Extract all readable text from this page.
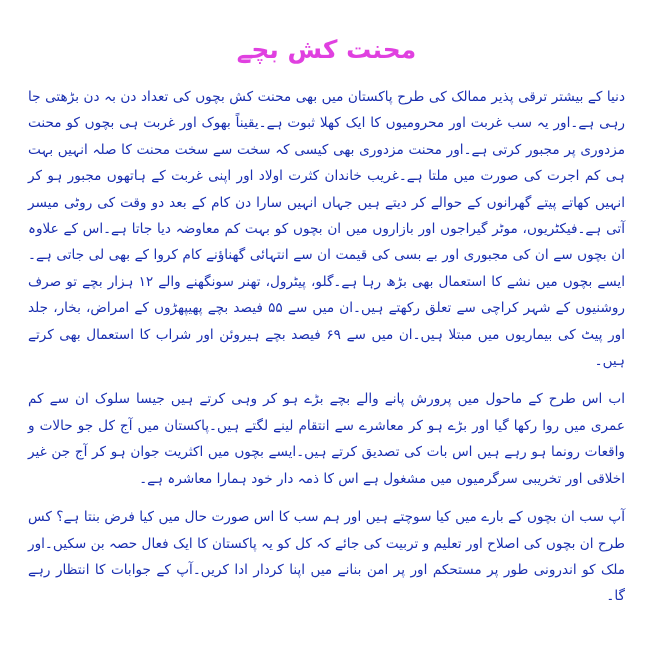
محنت کش بچے

دنیا کے بیشتر ترقی پذیر ممالک کی طرح پاکستان میں بھی محنت کش بچوں کی تعداد دن بہ دن بڑھتی جا رہی ہے۔اور یہ سب غربت اور محرومیوں کا ایک کھلا ثبوت ہے۔یقیناً بھوک اور غربت ہی بچوں کو محنت مزدوری پر مجبور کرتی ہے۔اور محنت مزدوری بھی کیسی کہ سخت سے سخت محنت کا صلہ انہیں بہت ہی کم اجرت کی صورت میں ملتا ہے۔غریب خاندان کثرت اولاد اور اپنی غربت کے ہاتھوں مجبور ہو کر انہیں کھاتے پیتے گھرانوں کے حوالے کر دیتے ہیں جہاں انہیں سارا دن کام کے بعد دو وقت کی روٹی میسر آتی ہے۔فیکٹریوں، موٹر گیراجوں اور بازاروں میں ان بچوں کو بہت کم معاوضہ دیا جاتا ہے۔اس کے علاوہ ان بچوں سے ان کی مجبوری اور بے بسی کی قیمت ان سے انتہائی گھناؤنے کام کروا کے بھی لی جاتی ہے۔ایسے بچوں میں نشے کا استعمال بھی بڑھ رہا ہے۔گلو، پیٹرول، تھنر سونگھنے والے ۱۲ ہزار بچے تو صرف روشنیوں کے شہر کراچی سے تعلق رکھتے ہیں۔ان میں سے ۵۵ فیصد بچے پھیپھڑوں کے امراض، بخار، جلد اور پیٹ کی بیماریوں میں مبتلا ہیں۔ان میں سے ۶۹ فیصد بچے ہیروئن اور شراب کا استعمال بھی کرتے ہیں۔

اب اس طرح کے ماحول میں پرورش پانے والے بچے بڑے ہو کر وہی کرتے ہیں جیسا سلوک ان سے کم عمری میں روا رکھا گیا اور بڑے ہو کر معاشرے سے انتقام لینے لگتے ہیں۔پاکستان میں آج کل جو حالات و واقعات رونما ہو رہے ہیں اس بات کی تصدیق کرتے ہیں۔ایسے بچوں میں اکثریت جوان ہو کر آج جن غیر اخلاقی اور تخریبی سرگرمیوں میں مشغول ہے اس کا ذمہ دار خود ہمارا معاشرہ ہے۔

آپ سب ان بچوں کے بارے میں کیا سوچتے ہیں اور ہم سب کا اس صورت حال میں کیا فرض بنتا ہے؟ کس طرح ان بچوں کی اصلاح اور تعلیم و تربیت کی جائے کہ کل کو یہ پاکستان کا ایک فعال حصہ بن سکیں۔اور ملک کو اندرونی طور پر مستحکم اور پر امن بنانے میں اپنا کردار ادا کریں۔آپ کے جوابات کا انتظار رہے گا۔
